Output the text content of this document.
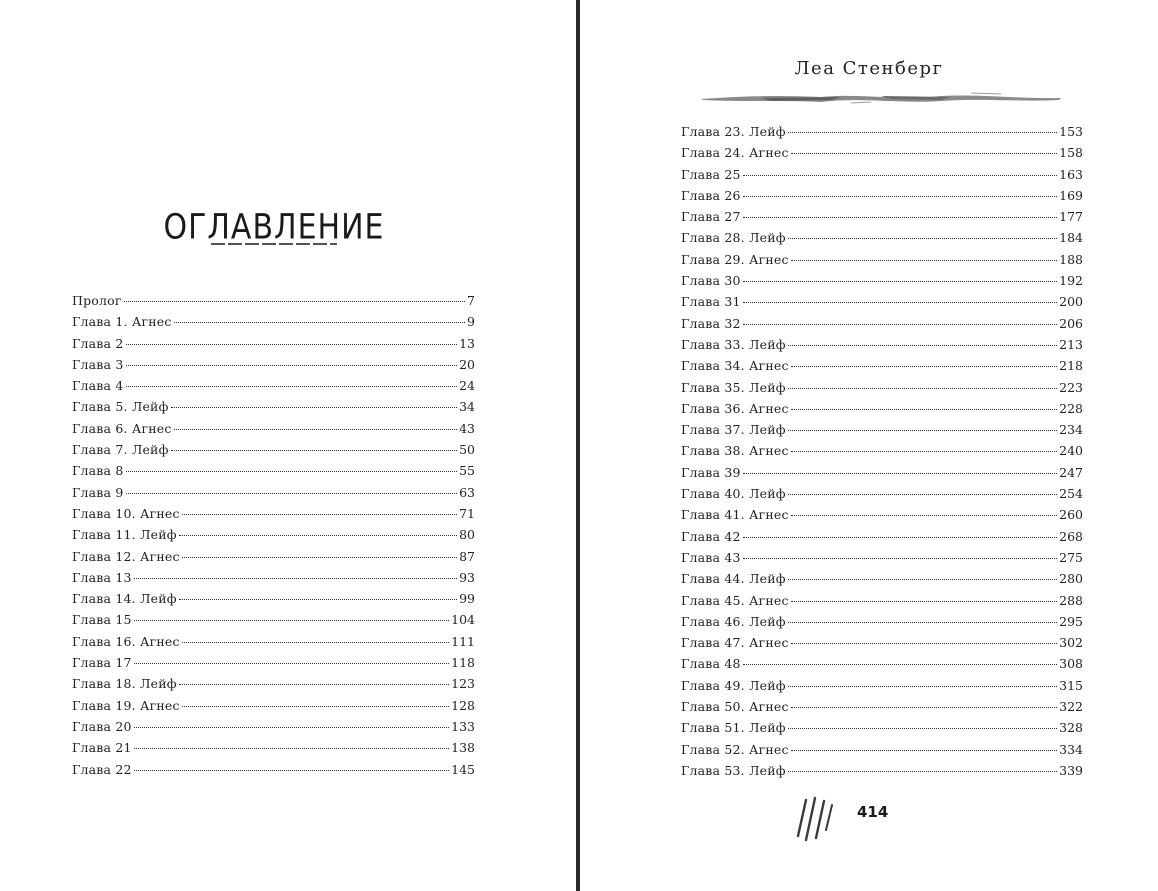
ОГЛАВЛЕНИЕ
Пролог	7
Глава 1. Агнес	9
Глава 2	13
Глава 3	20
Глава 4	24
Глава 5. Лейф	34
Глава 6. Агнес	43
Глава 7. Лейф	50
Глава 8	55
Глава 9	63
Глава 10. Агнес	71
Глава 11. Лейф	80
Глава 12. Агнес	87
Глава 13	93
Глава 14. Лейф	99
Глава 15	104
Глава 16. Агнес	111
Глава 17	118
Глава 18. Лейф	123
Глава 19. Агнес	128
Глава 20	133
Глава 21	138
Глава 22	145
Леа Стенберг
Глава 23. Лейф	153
Глава 24. Агнес	158
Глава 25	163
Глава 26	169
Глава 27	177
Глава 28. Лейф	184
Глава 29. Агнес	188
Глава 30	192
Глава 31	200
Глава 32	206
Глава 33. Лейф	213
Глава 34. Агнес	218
Глава 35. Лейф	223
Глава 36. Агнес	228
Глава 37. Лейф	234
Глава 38. Агнес	240
Глава 39	247
Глава 40. Лейф	254
Глава 41. Агнес	260
Глава 42	268
Глава 43	275
Глава 44. Лейф	280
Глава 45. Агнес	288
Глава 46. Лейф	295
Глава 47. Агнес	302
Глава 48	308
Глава 49. Лейф	315
Глава 50. Агнес	322
Глава 51. Лейф	328
Глава 52. Агнес	334
Глава 53. Лейф	339
414
